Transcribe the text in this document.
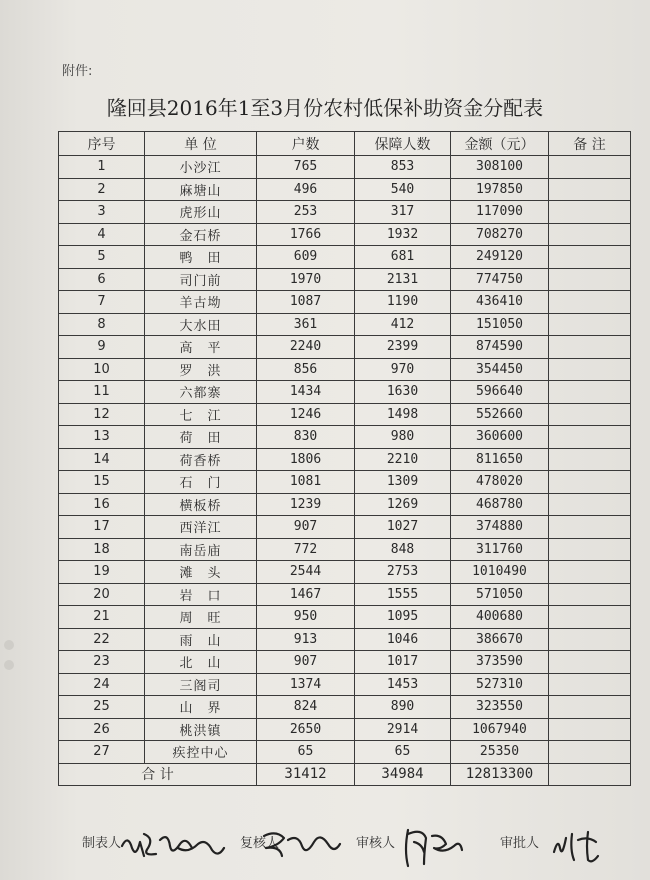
附件:
隆回县2016年1至3月份农村低保补助资金分配表
序号	单 位	户数	保障人数	金额（元）	备 注
1	小沙江	765	853	308100	
2	麻塘山	496	540	197850	
3	虎形山	253	317	117090	
4	金石桥	1766	1932	708270	
5	鸭　田	609	681	249120	
6	司门前	1970	2131	774750	
7	羊古坳	1087	1190	436410	
8	大水田	361	412	151050	
9	高　平	2240	2399	874590	
10	罗　洪	856	970	354450	
11	六都寨	1434	1630	596640	
12	七　江	1246	1498	552660	
13	荷　田	830	980	360600	
14	荷香桥	1806	2210	811650	
15	石　门	1081	1309	478020	
16	横板桥	1239	1269	468780	
17	西洋江	907	1027	374880	
18	南岳庙	772	848	311760	
19	滩　头	2544	2753	1010490	
20	岩　口	1467	1555	571050	
21	周　旺	950	1095	400680	
22	雨　山	913	1046	386670	
23	北　山	907	1017	373590	
24	三阁司	1374	1453	527310	
25	山　界	824	890	323550	
26	桃洪镇	2650	2914	1067940	
27	疾控中心	65	65	25350	
合 计		31412	34984	12813300	
制表人	复核人	审核人	审批人
